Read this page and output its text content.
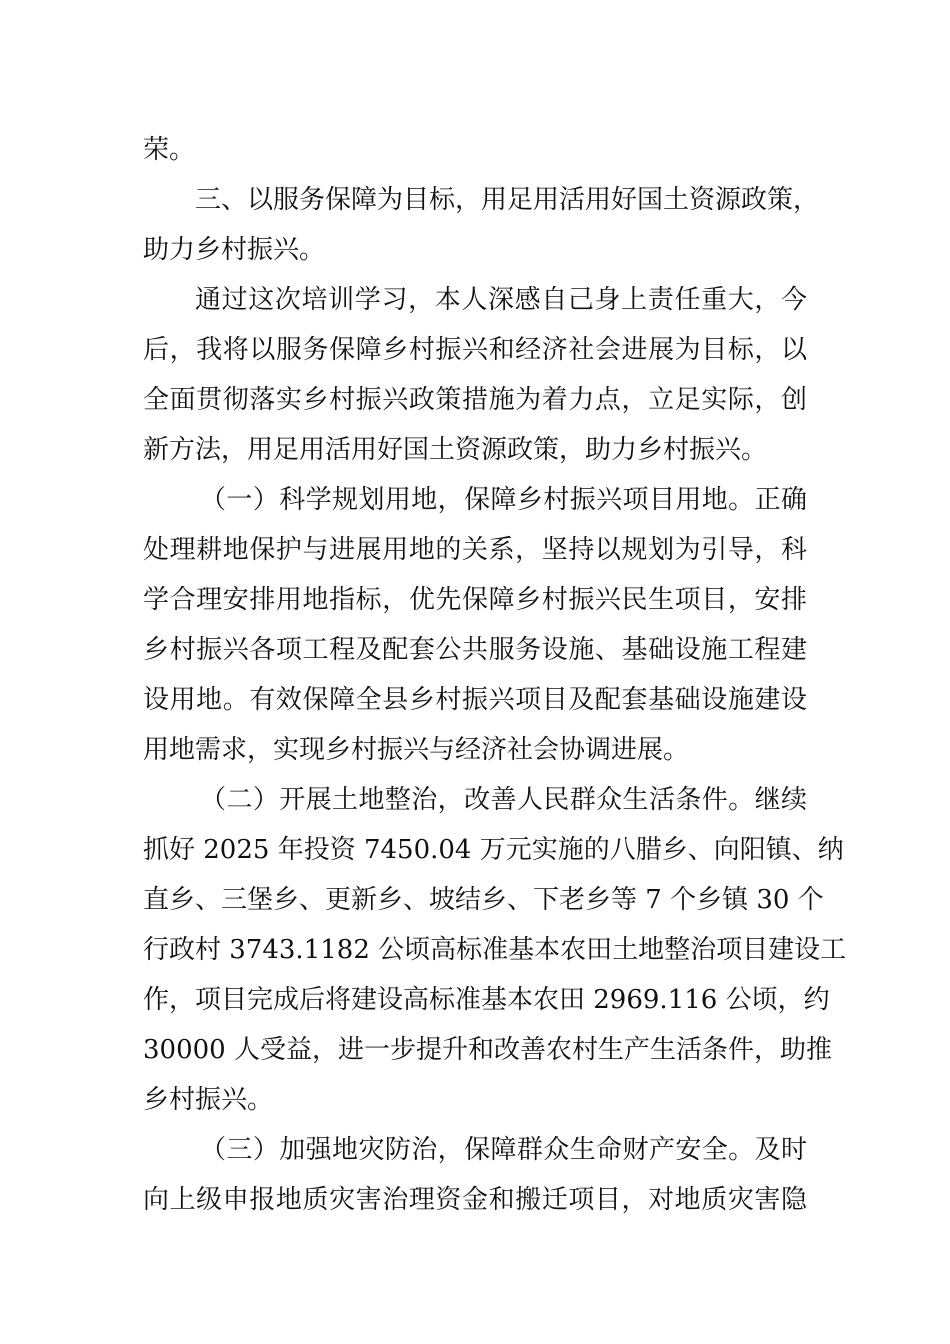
荣。
三、以服务保障为目标，用足用活用好国土资源政策，
助力乡村振兴。
通过这次培训学习，本人深感自己身上责任重大，今
后，我将以服务保障乡村振兴和经济社会进展为目标，以
全面贯彻落实乡村振兴政策措施为着力点，立足实际，创
新方法，用足用活用好国土资源政策，助力乡村振兴。
（一）科学规划用地，保障乡村振兴项目用地。正确
处理耕地保护与进展用地的关系，坚持以规划为引导，科
学合理安排用地指标，优先保障乡村振兴民生项目，安排
乡村振兴各项工程及配套公共服务设施、基础设施工程建
设用地。有效保障全县乡村振兴项目及配套基础设施建设
用地需求，实现乡村振兴与经济社会协调进展。
（二）开展土地整治，改善人民群众生活条件。继续
抓好 2025 年投资 7450.04 万元实施的八腊乡、向阳镇、纳
直乡、三堡乡、更新乡、坡结乡、下老乡等 7 个乡镇 30 个
行政村 3743.1182 公顷高标准基本农田土地整治项目建设工
作，项目完成后将建设高标准基本农田 2969.116 公顷，约
30000 人受益，进一步提升和改善农村生产生活条件，助推
乡村振兴。
（三）加强地灾防治，保障群众生命财产安全。及时
向上级申报地质灾害治理资金和搬迁项目，对地质灾害隐
